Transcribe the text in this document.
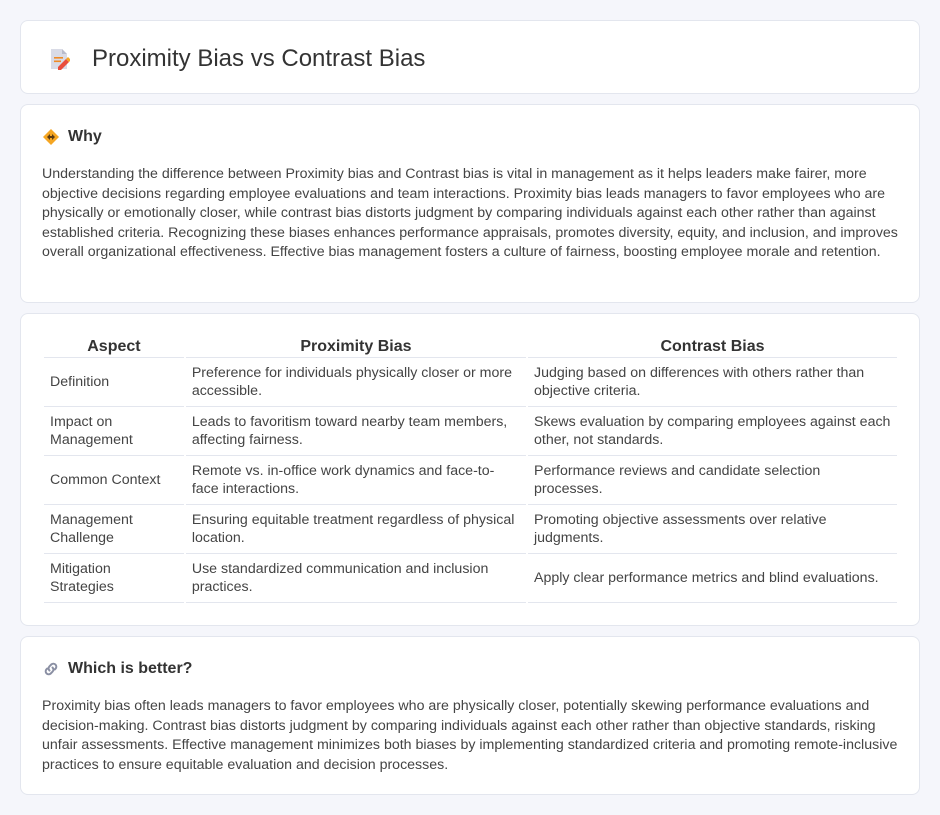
Proximity Bias vs Contrast Bias
Why

Understanding the difference between Proximity bias and Contrast bias is vital in management as it helps leaders make fairer, more objective decisions regarding employee evaluations and team interactions. Proximity bias leads managers to favor employees who are physically or emotionally closer, while contrast bias distorts judgment by comparing individuals against each other rather than against established criteria. Recognizing these biases enhances performance appraisals, promotes diversity, equity, and inclusion, and improves overall organizational effectiveness. Effective bias management fosters a culture of fairness, boosting employee morale and retention.

Aspect	Proximity Bias	Contrast Bias
Definition	Preference for individuals physically closer or more accessible.	Judging based on differences with others rather than objective criteria.
Impact on Management	Leads to favoritism toward nearby team members, affecting fairness.	Skews evaluation by comparing employees against each other, not standards.
Common Context	Remote vs. in-office work dynamics and face-to-face interactions.	Performance reviews and candidate selection processes.
Management Challenge	Ensuring equitable treatment regardless of physical location.	Promoting objective assessments over relative judgments.
Mitigation Strategies	Use standardized communication and inclusion practices.	Apply clear performance metrics and blind evaluations.
Which is better?

Proximity bias often leads managers to favor employees who are physically closer, potentially skewing performance evaluations and decision-making. Contrast bias distorts judgment by comparing individuals against each other rather than objective standards, risking unfair assessments. Effective management minimizes both biases by implementing standardized criteria and promoting remote-inclusive practices to ensure equitable evaluation and decision processes.
